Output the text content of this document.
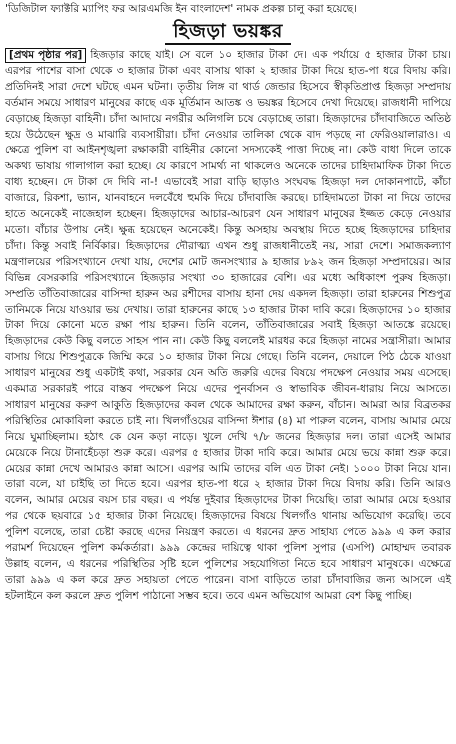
'ডিজিটাল ফ্যাক্টরি ম্যাপিং ফর আরএমজি ইন বাংলাদেশ' নামক প্রকল্প চালু করা হয়েছে।

হিজড়া ভয়ঙ্কর

[প্রথম পৃষ্ঠার পর] হিজড়ার কাছে যাই। সে বলে ১০ হাজার টাকা দে। এক পর্যায়ে ৫ হাজার টাকা চায়। এরপর পাশের বাসা থেকে ৩ হাজার টাকা এবং বাসায় থাকা ২ হাজার টাকা দিয়ে হাত-পা ধরে বিদায় করি। প্রতিদিনই সারা দেশে ঘটছে এমন ঘটনা। তৃতীয় লিঙ্গ বা থার্ড জেন্ডার হিসেবে স্বীকৃতিপ্রাপ্ত হিজড়া সম্প্রদায় বর্তমান সময়ে সাধারণ মানুষের কাছে এক মূর্তিমান আতঙ্ক ও ভয়ঙ্কর হিসেবে দেখা দিয়েছে। রাজধানী দাপিয়ে বেড়াচ্ছে হিজড়া বাহিনী। চাঁদা আদায়ে নগরীর অলিগলি চষে বেড়াচ্ছে তারা। হিজড়াদের চাঁদাবাজিতে অতিষ্ঠ হয়ে উঠেছেন ক্ষুদ্র ও মাঝারি ব্যবসায়ীরা। চাঁদা নেওয়ার তালিকা থেকে বাদ পড়ছে না ফেরিওয়ালারাও। এ ক্ষেত্রে পুলিশ বা আইনশৃঙ্খলা রক্ষাকারী বাহিনীর কোনো সদস্যকেই পাত্তা দিচ্ছে না। কেউ বাধা দিলে তাকে অকথ্য ভাষায় গালাগাল করা হচ্ছে। যে কারণে সামর্থ্য না থাকলেও অনেকে তাদের চাহিদামাফিক টাকা দিতে বাধ্য হচ্ছেন। দে টাকা দে দিবি না-! এভাবেই সারা বাড়ি ছাড়াও সংঘবদ্ধ হিজড়া দল দোকানপাটে, কাঁচা বাজারে, রিকশা, ভ্যান, যানবাহনে দলবেঁধে হুমকি দিয়ে চাঁদাবাজি করছে। চাহিদামতো টাকা না দিয়ে তাদের হাতে অনেকেই নাজেহাল হচ্ছেন। হিজড়াদের আচার-আচরণ যেন সাধারণ মানুষের ইজ্জত কেড়ে নেওয়ার মতো। বাঁচার উপায় নেই। ক্ষুব্ধ হয়েছেন অনেকেই। কিন্তু অসহায় অবস্থায় দিতে হচ্ছে হিজড়াদের চাহিদার চাঁদা। কিন্তু সবাই নির্বিকার। হিজড়াদের দৌরাত্ম্য এখন শুধু রাজধানীতেই নয়, সারা দেশে। সমাজকল্যাণ মন্ত্রণালয়ের পরিসংখ্যানে দেখা যায়, দেশের মোট জনসংখ্যার ৯ হাজার ৮৯২ জন হিজড়া সম্প্রদায়ের। আর বিভিন্ন বেসরকারি পরিসংখ্যানে হিজড়ার সংখ্যা ৩০ হাজারের বেশি। এর মধ্যে অধিকাংশ পুরুষ হিজড়া। সম্প্রতি তাঁতিবাজারের বাসিন্দা হারুন অর রশীদের বাসায় হানা দেয় একদল হিজড়া। তারা হারুনের শিশুপুত্র তানিমকে নিয়ে যাওয়ার ভয় দেখায়। তারা হারুনের কাছে ১৩ হাজার টাকা দাবি করে। হিজড়াদের ১০ হাজার টাকা দিয়ে কোনো মতে রক্ষা পায় হারুন। তিনি বলেন, তাঁতিবাজারের সবাই হিজড়া আতঙ্কে রয়েছে। হিজড়াদের কেউ কিছু বলতে সাহস পান না। কেউ কিছু বললেই মারধর করে হিজড়া নামের সন্ত্রাসীরা। আমার বাসায় গিয়ে শিশুপুত্রকে জিম্মি করে ১০ হাজার টাকা নিয়ে গেছে। তিনি বলেন, দেয়ালে পিঠ ঠেকে যাওয়া সাধারণ মানুষের শুধু একটাই কথা, সরকার যেন অতি জরুরি এদের বিষয়ে পদক্ষেপ নেওয়ার সময় এসেছে। একমাত্র সরকারই পারে বাস্তব পদক্ষেপ নিয়ে এদের পুনর্বাসন ও স্বাভাবিক জীবন-ধারায় নিয়ে আসতে। সাধারণ মানুষের করুণ আকুতি হিজড়াদের কবল থেকে আমাদের রক্ষা করুন, বাঁচান। আমরা আর বিব্রতকর পরিস্থিতির মোকাবিলা করতে চাই না। খিলগাঁওয়ের বাসিন্দা ঈশার (৪) মা পারুল বলেন, বাসায় আমার মেয়ে নিয়ে ঘুমাচ্ছিলাম। হঠাৎ কে যেন কড়া নাড়ে। খুলে দেখি ৭/৮ জনের হিজড়ার দল। তারা এসেই আমার মেয়েকে নিয়ে টানাহেঁচড়া শুরু করে। এরপর ৫ হাজার টাকা দাবি করে। আমার মেয়ে ভয়ে কান্না শুরু করে। মেয়ের কান্না দেখে আমারও কান্না আসে। এরপর আমি তাদের বলি এত টাকা নেই। ১০০০ টাকা নিয়ে যান। তারা বলে, যা চাইছি তা দিতে হবে। এরপর হাত-পা ধরে ২ হাজার টাকা দিয়ে বিদায় করি। তিনি আরও বলেন, আমার মেয়ের বয়স চার বছর। এ পর্যন্ত দুইবার হিজড়াদের টাকা দিয়েছি। তারা আমার মেয়ে হওয়ার পর থেকে ছয়বারে ১৫ হাজার টাকা নিয়েছে। হিজড়াদের বিষয়ে খিলগাঁও থানায় অভিযোগ করেছি। তবে পুলিশ বলেছে, তারা চেষ্টা করছে এদের নিয়ন্ত্রণ করতে। এ ধরনের দ্রুত সাহায্য পেতে ৯৯৯ এ কল করার পরামর্শ দিয়েছেন পুলিশ কর্মকর্তারা। ৯৯৯ কেন্দ্রের দায়িত্বে থাকা পুলিশ সুপার (এসপি) মোহাম্মদ তবারক উল্লাহ বলেন, এ ধরনের পরিস্থিতির সৃষ্টি হলে পুলিশের সহযোগিতা নিতে হবে সাধারণ মানুষকে। এক্ষেত্রে তারা ৯৯৯ এ কল করে দ্রুত সহায়তা পেতে পারেন। বাসা বাড়িতে তারা চাঁদাবাজির জন্য আসলে এই হটলাইনে কল করলে দ্রুত পুলিশ পাঠানো সম্ভব হবে। তবে এমন অভিযোগ আমরা বেশ কিছু পাচ্ছি।
